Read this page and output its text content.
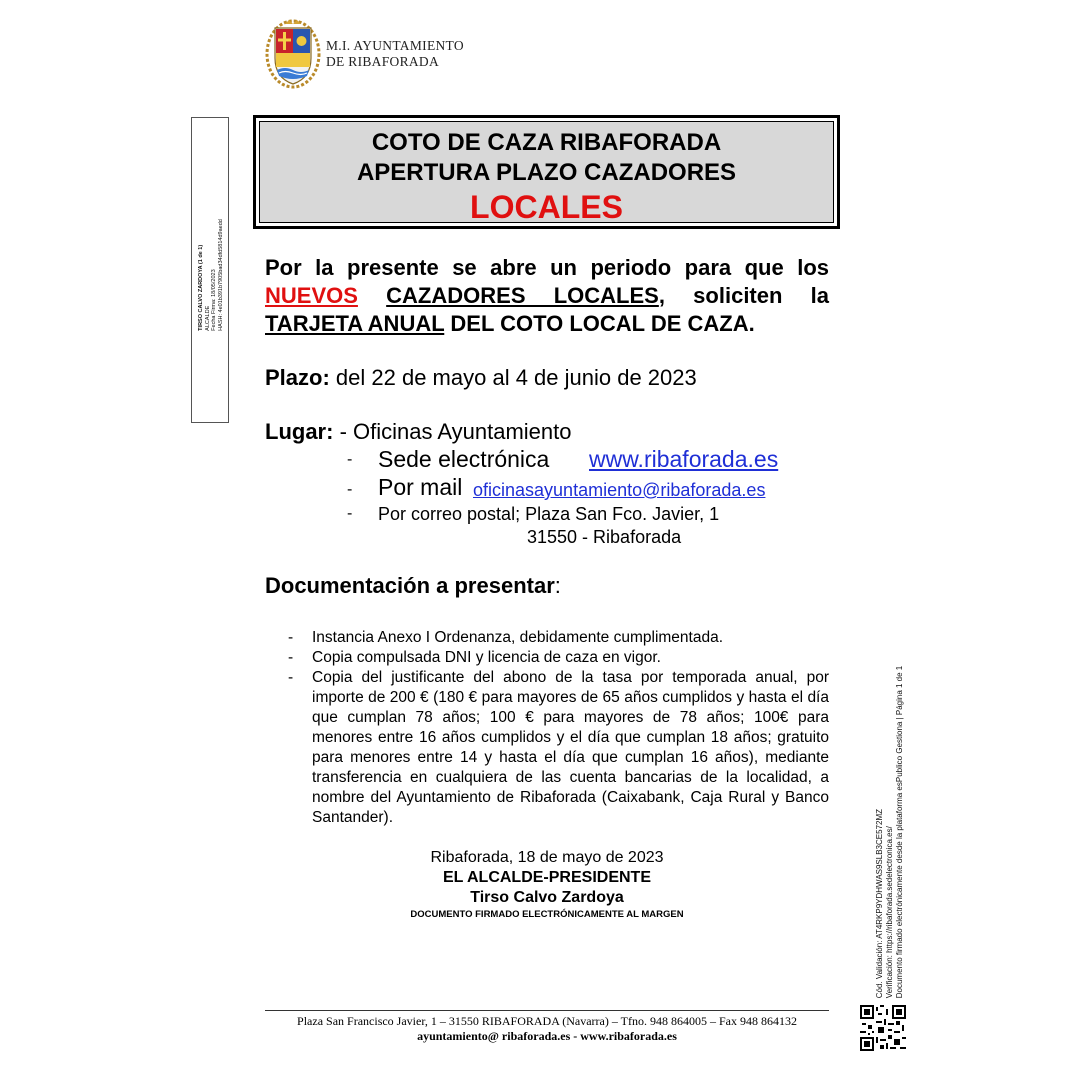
M.I. AYUNTAMIENTO
DE RIBAFORADA
TIRSO CALVO ZARDOYA (1 de 1) ALCALDE Fecha Firma: 18/05/2023 HASH: 4e01b391b7905bad34dfd5814d9aedd
COTO DE CAZA RIBAFORADA
APERTURA PLAZO CAZADORES
LOCALES
Por la presente se abre un periodo para que los NUEVOS CAZADORES LOCALES, soliciten la TARJETA ANUAL DEL COTO LOCAL DE CAZA.
Plazo: del 22 de mayo al 4 de junio de 2023
Lugar: - Oficinas Ayuntamiento
- Sede electrónica www.ribaforada.es
- Por mail oficinasayuntamiento@ribaforada.es
- Por correo postal; Plaza San Fco. Javier, 1
31550 - Ribaforada
Documentación a presentar:
- Instancia Anexo I Ordenanza, debidamente cumplimentada.
- Copia compulsada DNI y licencia de caza en vigor.
- Copia del justificante del abono de la tasa por temporada anual, por importe de 200 € (180 € para mayores de 65 años cumplidos y hasta el día que cumplan 78 años; 100 € para mayores de 78 años; 100€ para menores entre 16 años cumplidos y el día que cumplan 18 años; gratuito para menores entre 14 y hasta el día que cumplan 16 años), mediante transferencia en cualquiera de las cuenta bancarias de la localidad, a nombre del Ayuntamiento de Ribaforada (Caixabank, Caja Rural y Banco Santander).
Ribaforada, 18 de mayo de 2023
EL ALCALDE-PRESIDENTE
Tirso Calvo Zardoya
DOCUMENTO FIRMADO ELECTRÓNICAMENTE AL MARGEN	Cód. Validación: AT4RKP9YDHWAS9SLB3CE572MZ Verificación: https://ribaforada.sedelectronica.es/ Documento firmado electrónicamente desde la plataforma esPublico Gestiona | Página 1 de 1
Plaza San Francisco Javier, 1 – 31550 RIBAFORADA (Navarra) – Tfno. 948 864005 – Fax 948 864132
ayuntamiento@ ribaforada.es - www.ribaforada.es
